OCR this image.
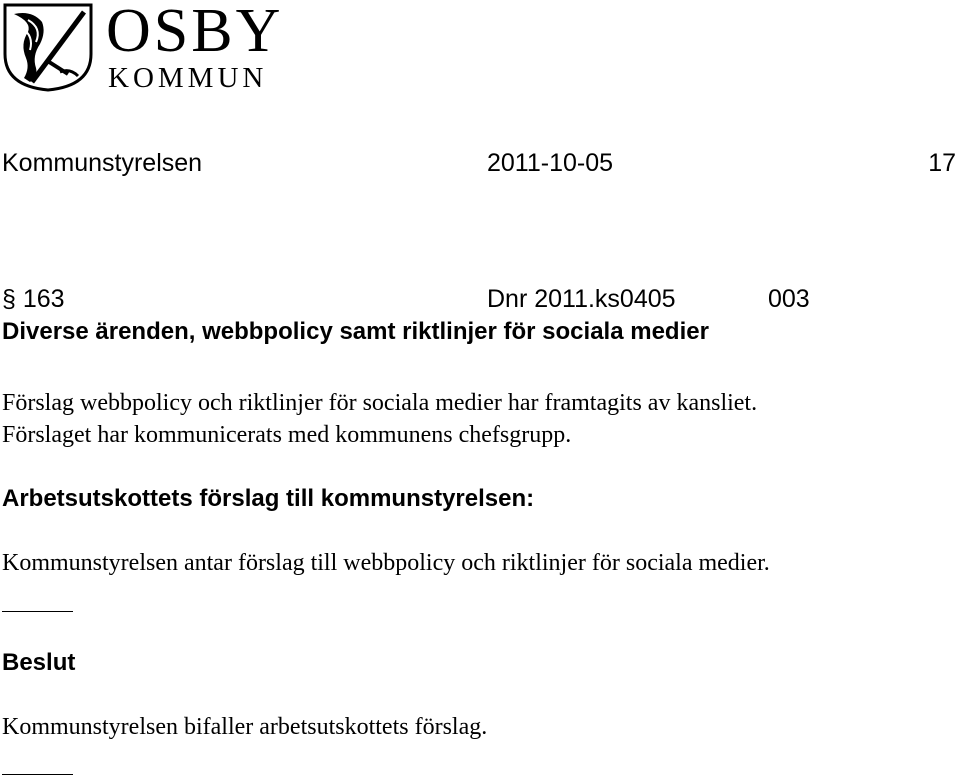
OSBY
KOMMUN
Kommunstyrelsen	2011-10-05	17
§ 163	Dnr 2011.ks0405	003
Diverse ärenden, webbpolicy samt riktlinjer för sociala medier
Förslag webbpolicy och riktlinjer för sociala medier har framtagits av kansliet.
Förslaget har kommunicerats med kommunens chefsgrupp.
Arbetsutskottets förslag till kommunstyrelsen:
Kommunstyrelsen antar förslag till webbpolicy och riktlinjer för sociala medier.
Beslut
Kommunstyrelsen bifaller arbetsutskottets förslag.
